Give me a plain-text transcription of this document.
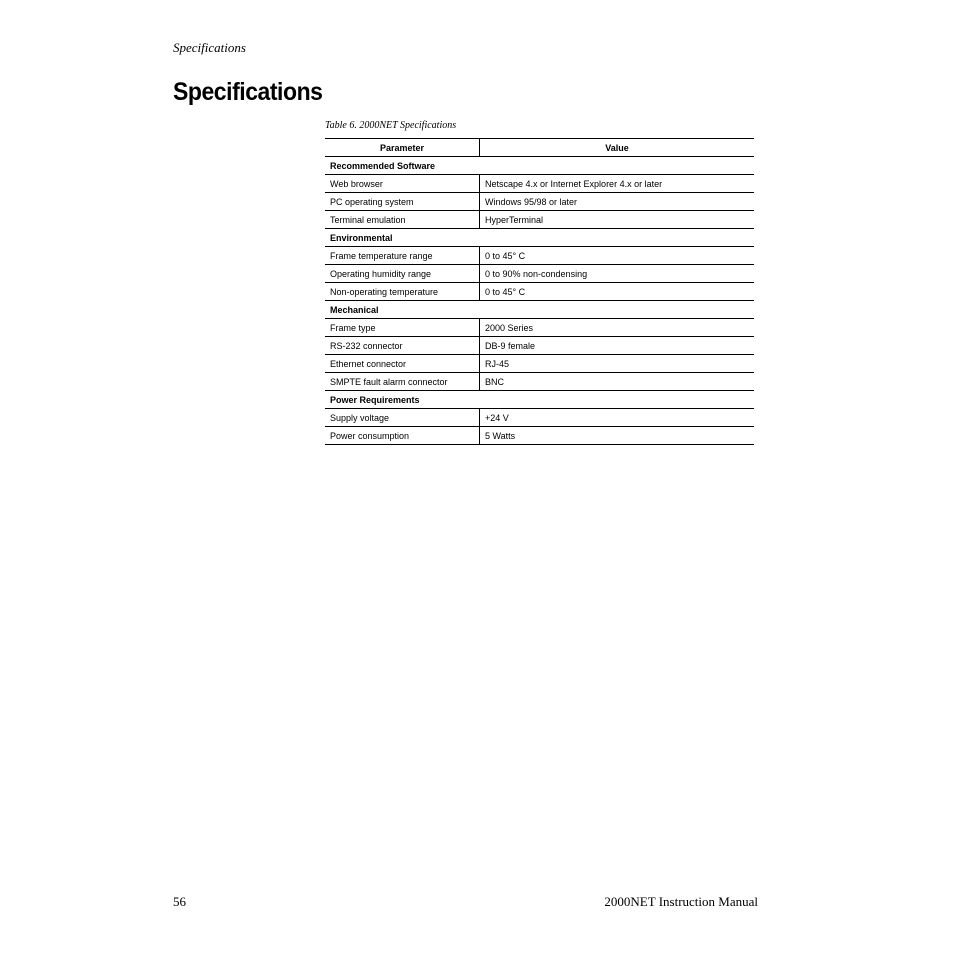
Specifications
Specifications
Table 6. 2000NET Specifications
Parameter	Value
Recommended Software	
Web browser	Netscape 4.x or Internet Explorer 4.x or later
PC operating system	Windows 95/98 or later
Terminal emulation	HyperTerminal
Environmental	
Frame temperature range	0 to 45° C
Operating humidity range	0 to 90% non-condensing
Non-operating temperature	0 to 45° C
Mechanical	
Frame type	2000 Series
RS-232 connector	DB-9 female
Ethernet connector	RJ-45
SMPTE fault alarm connector	BNC
Power Requirements	
Supply voltage	+24 V
Power consumption	5 Watts
56	2000NET Instruction Manual
